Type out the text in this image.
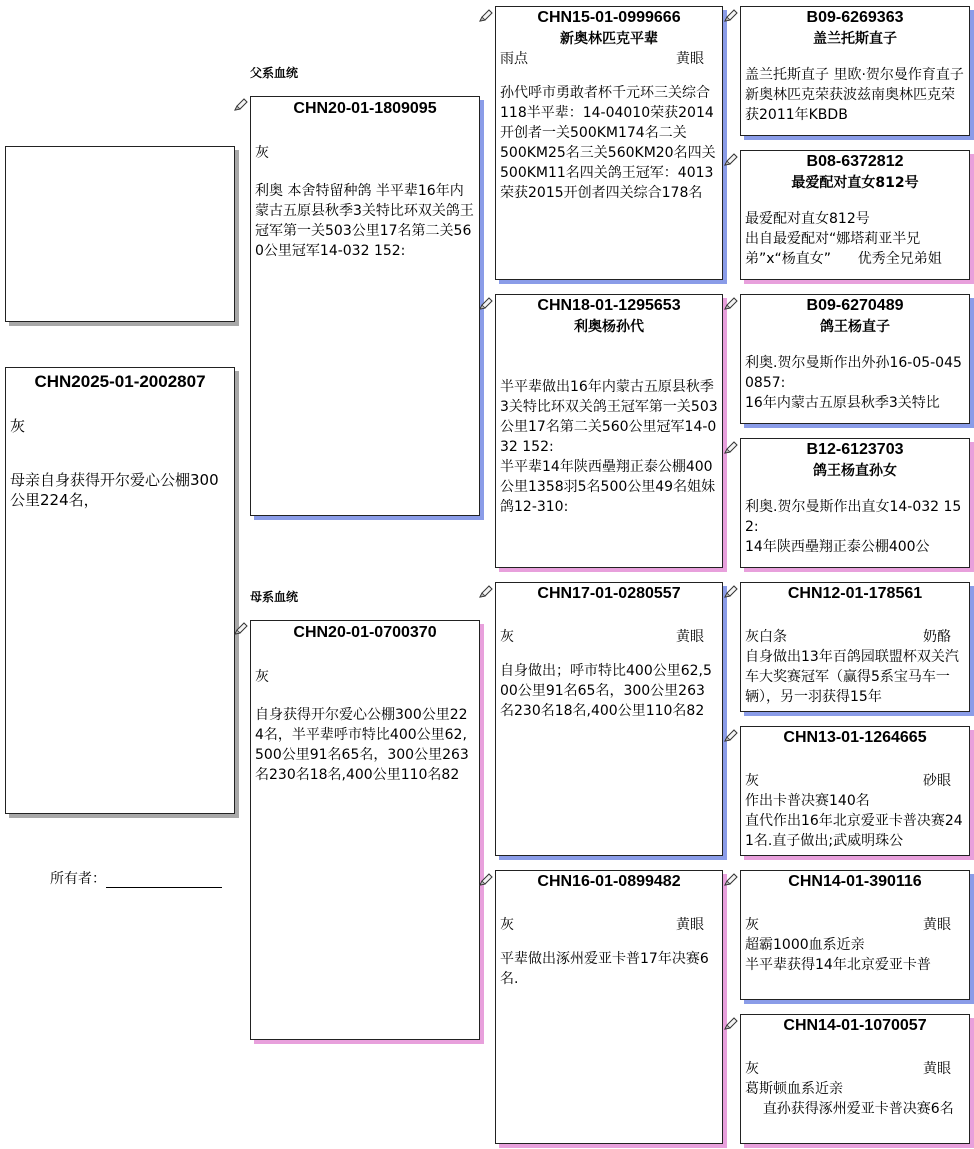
CHN2025-01-2002807
灰
母亲自身获得开尔爱心公棚300公里224名，
所有者：
父系血统
母系血统
CHN20-01-1809095
灰
利奥 本舍特留种鸽 半平辈16年内蒙古五原县秋季3关特比环双关鸽王冠军第一关503公里17名第二关560公里冠军14-032 152:
CHN20-01-0700370
灰
自身获得开尔爱心公棚300公里224名，半平辈呼市特比400公里62,500公里91名65名，300公里263名230名18名,400公里110名82
CHN15-01-0999666
新奥林匹克平辈
雨点	黄眼
孙代呼市勇敢者杯千元环三关综合118半平辈：14-04010荣获2014开创者一关500KM174名二关
500KM25名三关560KM20名四关
500KM11名四关鸽王冠军：4013荣获2015开创者四关综合178名
CHN18-01-1295653
利奥杨孙代
半平辈做出16年内蒙古五原县秋季3关特比环双关鸽王冠军第一关503公里17名第二关560公里冠军14-032 152:
半平辈14年陕西壘翔正泰公棚400公里1358羽5名500公里49名姐妹鸽12-310:
CHN17-01-0280557
灰	黄眼
自身做出；呼市特比400公里62,500公里91名65名，300公里263名230名18名,400公里110名82
CHN16-01-0899482
灰	黄眼
平辈做出涿州爱亚卡普17年决赛6名.
B09-6269363
盖兰托斯直子
盖兰托斯直子 里欧·贺尔曼作育直子新奥林匹克荣获波兹南奥林匹克荣获2011年KBDB
B08-6372812
最爱配对直女812号
最爱配对直女812号
出自最爱配对“娜塔莉亚半兄弟”x“杨直女”      优秀全兄弟姐
B09-6270489
鸽王杨直子
利奥.贺尔曼斯作出外孙16-05-0450857:
16年内蒙古五原县秋季3关特比
B12-6123703
鸽王杨直孙女
利奥.贺尔曼斯作出直女14-032 152:
14年陕西壘翔正泰公棚400公
CHN12-01-178561
灰白条	奶酪
自身做出13年百鸽园联盟杯双关汽车大奖赛冠军（赢得5系宝马车一辆），另一羽获得15年
CHN13-01-1264665
灰	砂眼
作出卡普决赛140名
直代作出16年北京爱亚卡普决赛241名.直子做出;武威明珠公
CHN14-01-390116
灰	黄眼
超霸1000血系近亲
半平辈获得14年北京爱亚卡普
CHN14-01-1070057
灰	黄眼
葛斯顿血系近亲
直孙获得涿州爱亚卡普决赛6名
